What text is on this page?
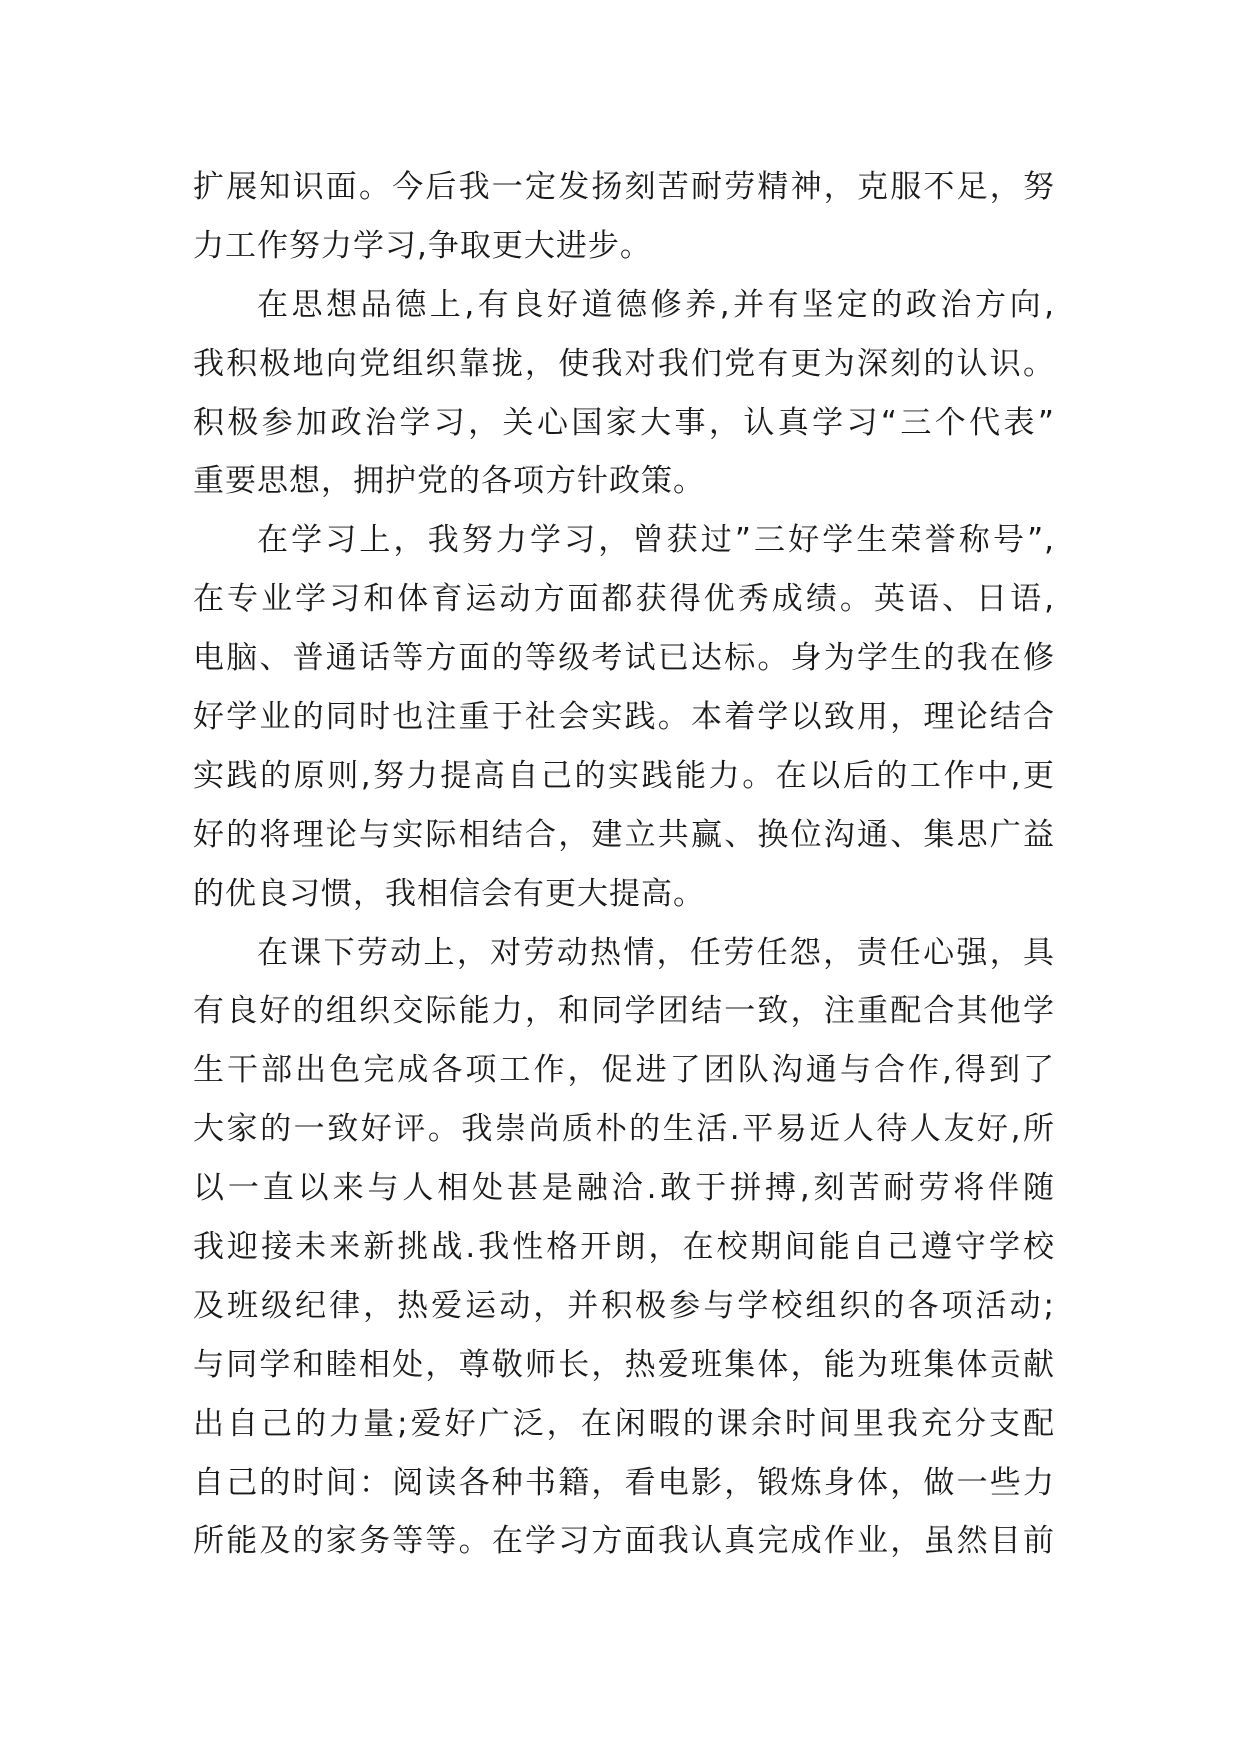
扩展知识面。今后我一定发扬刻苦耐劳精神，克服不足，努
力工作努力学习,争取更大进步。
在思想品德上,有良好道德修养,并有坚定的政治方向,
我积极地向党组织靠拢，使我对我们党有更为深刻的认识。
积极参加政治学习，关心国家大事，认真学习“三个代表”
重要思想，拥护党的各项方针政策。
在学习上，我努力学习，曾获过”三好学生荣誉称号”,
在专业学习和体育运动方面都获得优秀成绩。英语、日语,
电脑、普通话等方面的等级考试已达标。身为学生的我在修
好学业的同时也注重于社会实践。本着学以致用，理论结合
实践的原则,努力提高自己的实践能力。在以后的工作中,更
好的将理论与实际相结合，建立共赢、换位沟通、集思广益
的优良习惯，我相信会有更大提高。
在课下劳动上，对劳动热情，任劳任怨，责任心强，具
有良好的组织交际能力，和同学团结一致，注重配合其他学
生干部出色完成各项工作，促进了团队沟通与合作,得到了
大家的一致好评。我崇尚质朴的生活.平易近人待人友好,所
以一直以来与人相处甚是融洽.敢于拼搏,刻苦耐劳将伴随
我迎接未来新挑战.我性格开朗，在校期间能自己遵守学校
及班级纪律，热爱运动，并积极参与学校组织的各项活动;
与同学和睦相处，尊敬师长，热爱班集体，能为班集体贡献
出自己的力量;爱好广泛，在闲暇的课余时间里我充分支配
自己的时间：阅读各种书籍，看电影，锻炼身体，做一些力
所能及的家务等等。在学习方面我认真完成作业，虽然目前
